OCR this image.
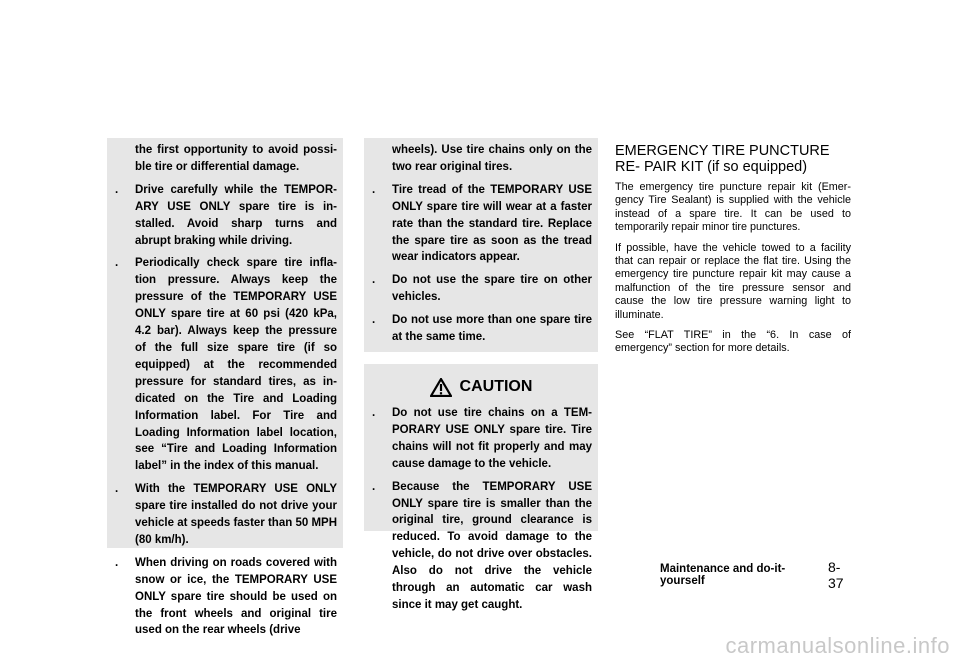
the first opportunity to avoid possi- ble tire or differential damage.
. Drive carefully while the TEMPOR- ARY USE ONLY spare tire is in- stalled. Avoid sharp turns and abrupt braking while driving.
. Periodically check spare tire infla- tion pressure. Always keep the pressure of the TEMPORARY USE ONLY spare tire at 60 psi (420 kPa, 4.2 bar). Always keep the pressure of the full size spare tire (if so equipped) at the recommended pressure for standard tires, as in- dicated on the Tire and Loading Information label. For Tire and Loading Information label location, see “Tire and Loading Information label” in the index of this manual.
. With the TEMPORARY USE ONLY spare tire installed do not drive your vehicle at speeds faster than 50 MPH (80 km/h).
. When driving on roads covered with snow or ice, the TEMPORARY USE ONLY spare tire should be used on the front wheels and original tire used on the rear wheels (drive
wheels). Use tire chains only on the two rear original tires.
. Tire tread of the TEMPORARY USE ONLY spare tire will wear at a faster rate than the standard tire. Replace the spare tire as soon as the tread wear indicators appear.
. Do not use the spare tire on other vehicles.
. Do not use more than one spare tire at the same time.
CAUTION
. Do not use tire chains on a TEM- PORARY USE ONLY spare tire. Tire chains will not fit properly and may cause damage to the vehicle.
. Because the TEMPORARY USE ONLY spare tire is smaller than the original tire, ground clearance is reduced. To avoid damage to the vehicle, do not drive over obstacles. Also do not drive the vehicle through an automatic car wash since it may get caught.
EMERGENCY TIRE PUNCTURE RE- PAIR KIT (if so equipped)

The emergency tire puncture repair kit (Emer- gency Tire Sealant) is supplied with the vehicle instead of a spare tire. It can be used to temporarily repair minor tire punctures.

If possible, have the vehicle towed to a facility that can repair or replace the flat tire. Using the emergency tire puncture repair kit may cause a malfunction of the tire pressure sensor and cause the low tire pressure warning light to illuminate.

See “FLAT TIRE” in the “6. In case of emergency” section for more details.

Maintenance and do-it-yourself
8-37
carmanualsonline.info
